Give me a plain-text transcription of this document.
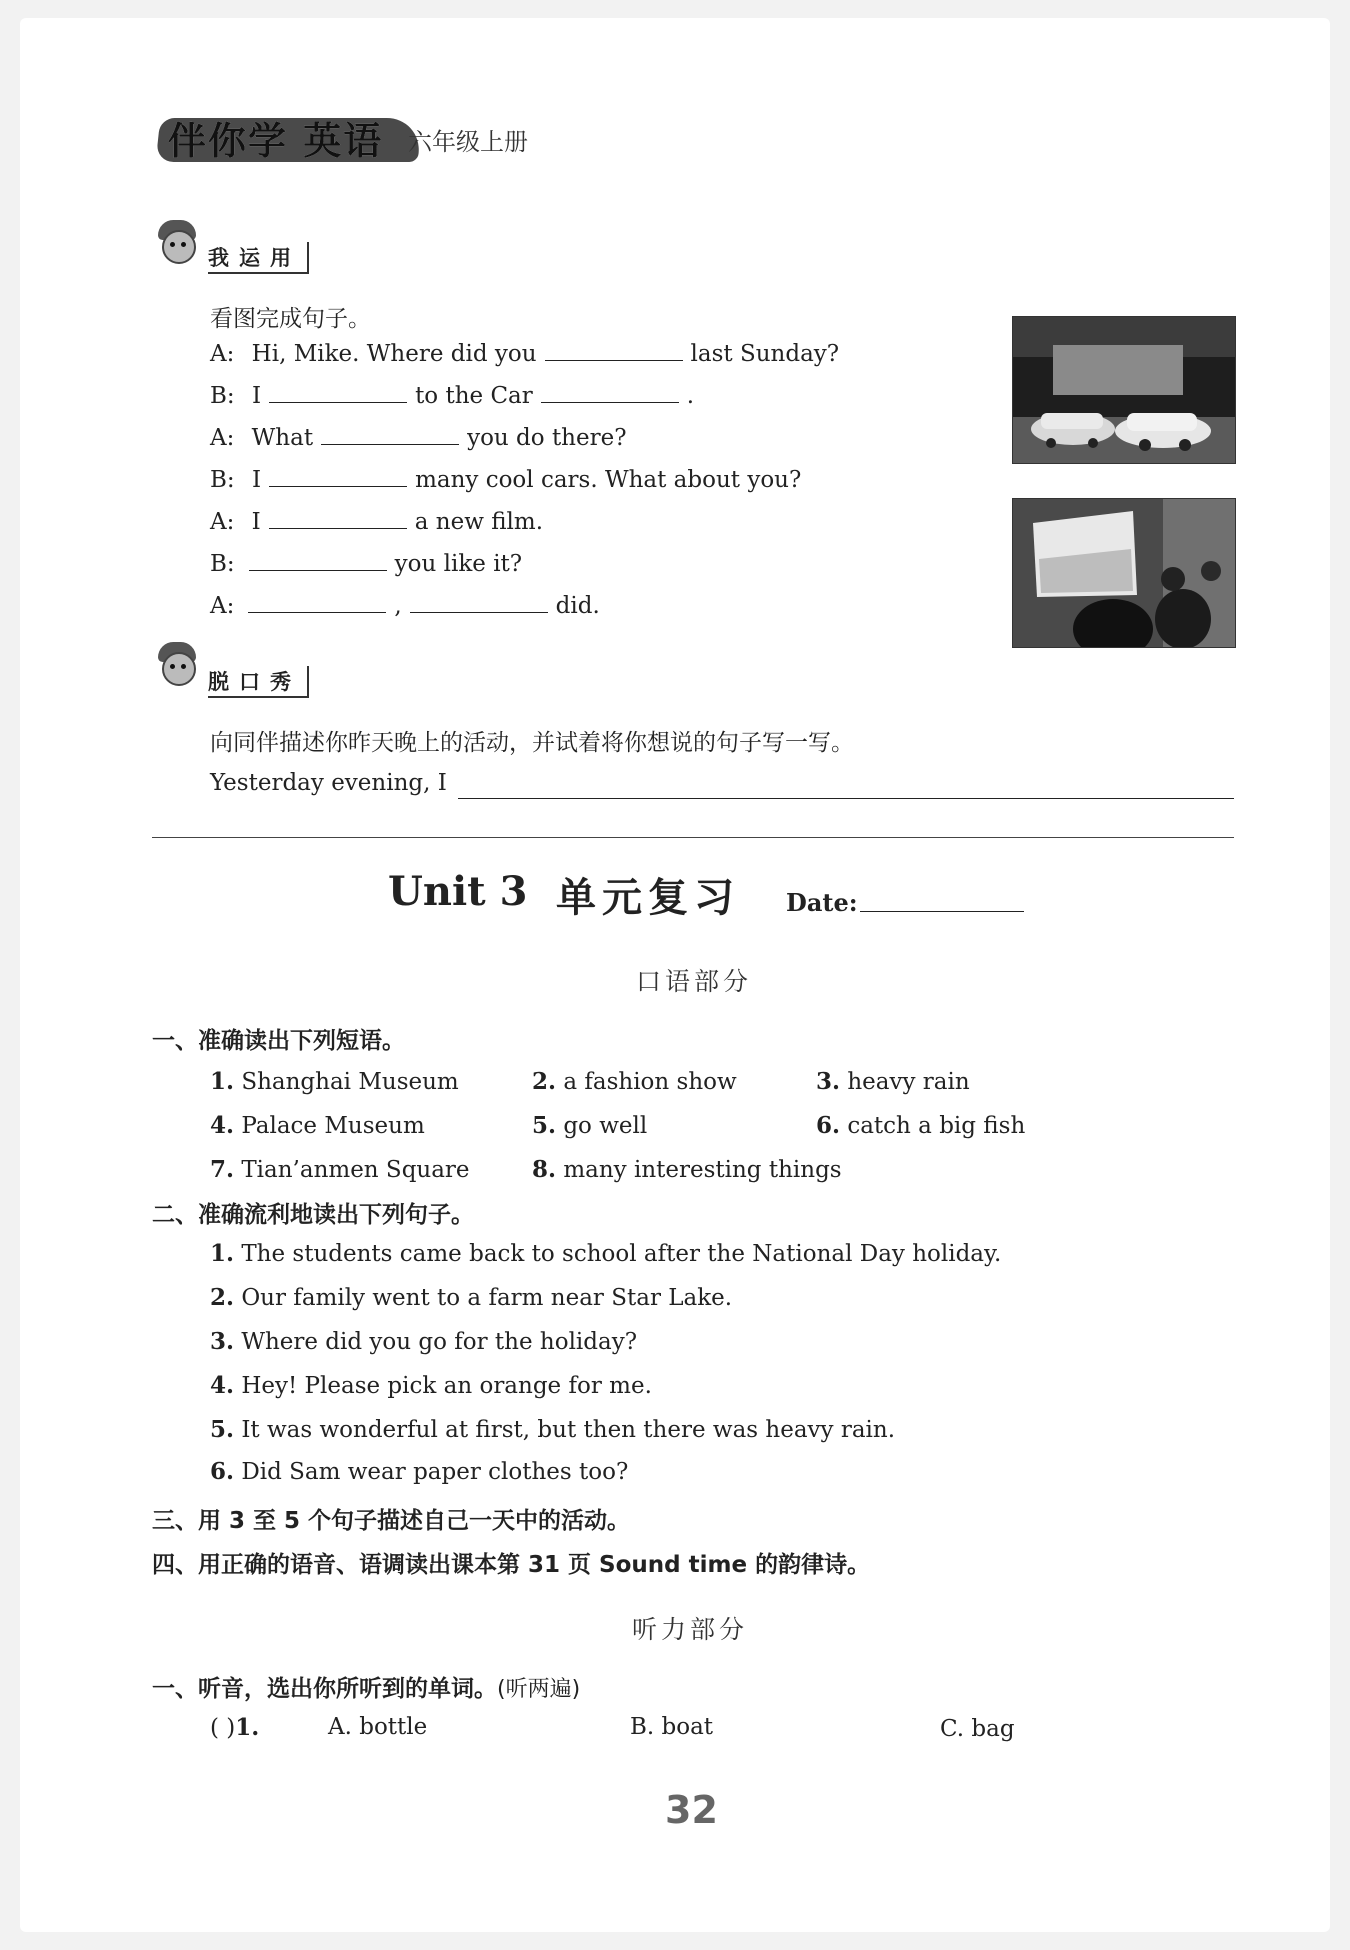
伴你学 英语 六年级上册
我运用
看图完成句子。
A: Hi, Mike. Where did you	last Sunday?
B: I	to the Car	.
A: What	you do there?
B: I	many cool cars. What about you?
A: I	a new film.
B:	you like it?
A:	,	did.
脱口秀
向同伴描述你昨天晚上的活动，并试着将你想说的句子写一写。
Yesterday evening, I
Unit 3 单元复习 Date:
口语部分
一、准确读出下列短语。
1. Shanghai Museum	2. a fashion show	3. heavy rain
4. Palace Museum	5. go well	6. catch a big fish
7. Tian’anmen Square	8. many interesting things
二、准确流利地读出下列句子。
1. The students came back to school after the National Day holiday.
2. Our family went to a farm near Star Lake.
3. Where did you go for the holiday?
4. Hey! Please pick an orange for me.
5. It was wonderful at first, but then there was heavy rain.
6. Did Sam wear paper clothes too?
三、用 3 至 5 个句子描述自己一天中的活动。
四、用正确的语音、语调读出课本第 31 页 Sound time 的韵律诗。
听力部分
一、听音，选出你所听到的单词。(听两遍)
( )1.	A. bottle	B. boat	C. bag
32
